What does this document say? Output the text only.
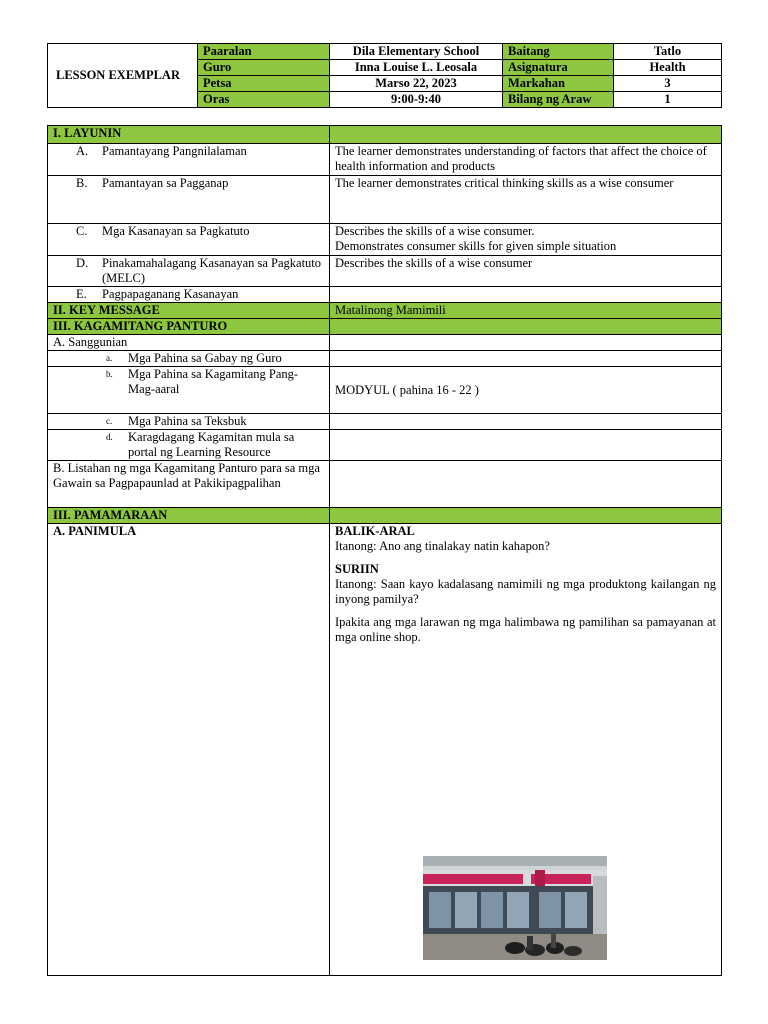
LESSON EXEMPLAR	Paaralan	Dila Elementary School	Baitang	Tatlo
	Guro	Inna Louise L. Leosala	Asignatura	Health
	Petsa	Marso 22, 2023	Markahan	3
	Oras	9:00-9:40	Bilang ng Araw	1
I. LAYUNIN	
A. Pamantayang Pangnilalaman	The learner demonstrates understanding of factors that affect the choice of health information and products
B. Pamantayan sa Pagganap	The learner demonstrates critical thinking skills as a wise consumer
C. Mga Kasanayan sa Pagkatuto	Describes the skills of a wise consumer.
Demonstrates consumer skills for given simple situation

D. Pinakamahalagang Kasanayan sa Pagkatuto (MELC)	Describes the skills of a wise consumer
E. Pagpapaganang Kasanayan	
II. KEY MESSAGE	Matalinong Mamimili
III. KAGAMITANG PANTURO	
A. Sanggunian	

a. Mga Pahina sa Gabay ng Guro	

b. Mga Pahina sa Kagamitang Pang-Mag-aaral	MODYUL ( pahina 16 - 22 )

c. Mga Pahina sa Teksbuk	

d. Karagdagang Kagamitan mula sa portal ng Learning Resource	

B. Listahan ng mga Kagamitang Panturo para sa mga Gawain sa Pagpapaunlad at Pakikipagpalihan	
III. PAMAMARAAN	
A. PANIMULA	BALIK-ARAL
Itanong: Ano ang tinalakay natin kahapon?
SURIIN
Itanong: Saan kayo kadalasang namimili ng mga produktong kailangan ng inyong pamilya?
Ipakita ang mga larawan ng mga halimbawa ng pamilihan sa pamayanan at mga online shop.
